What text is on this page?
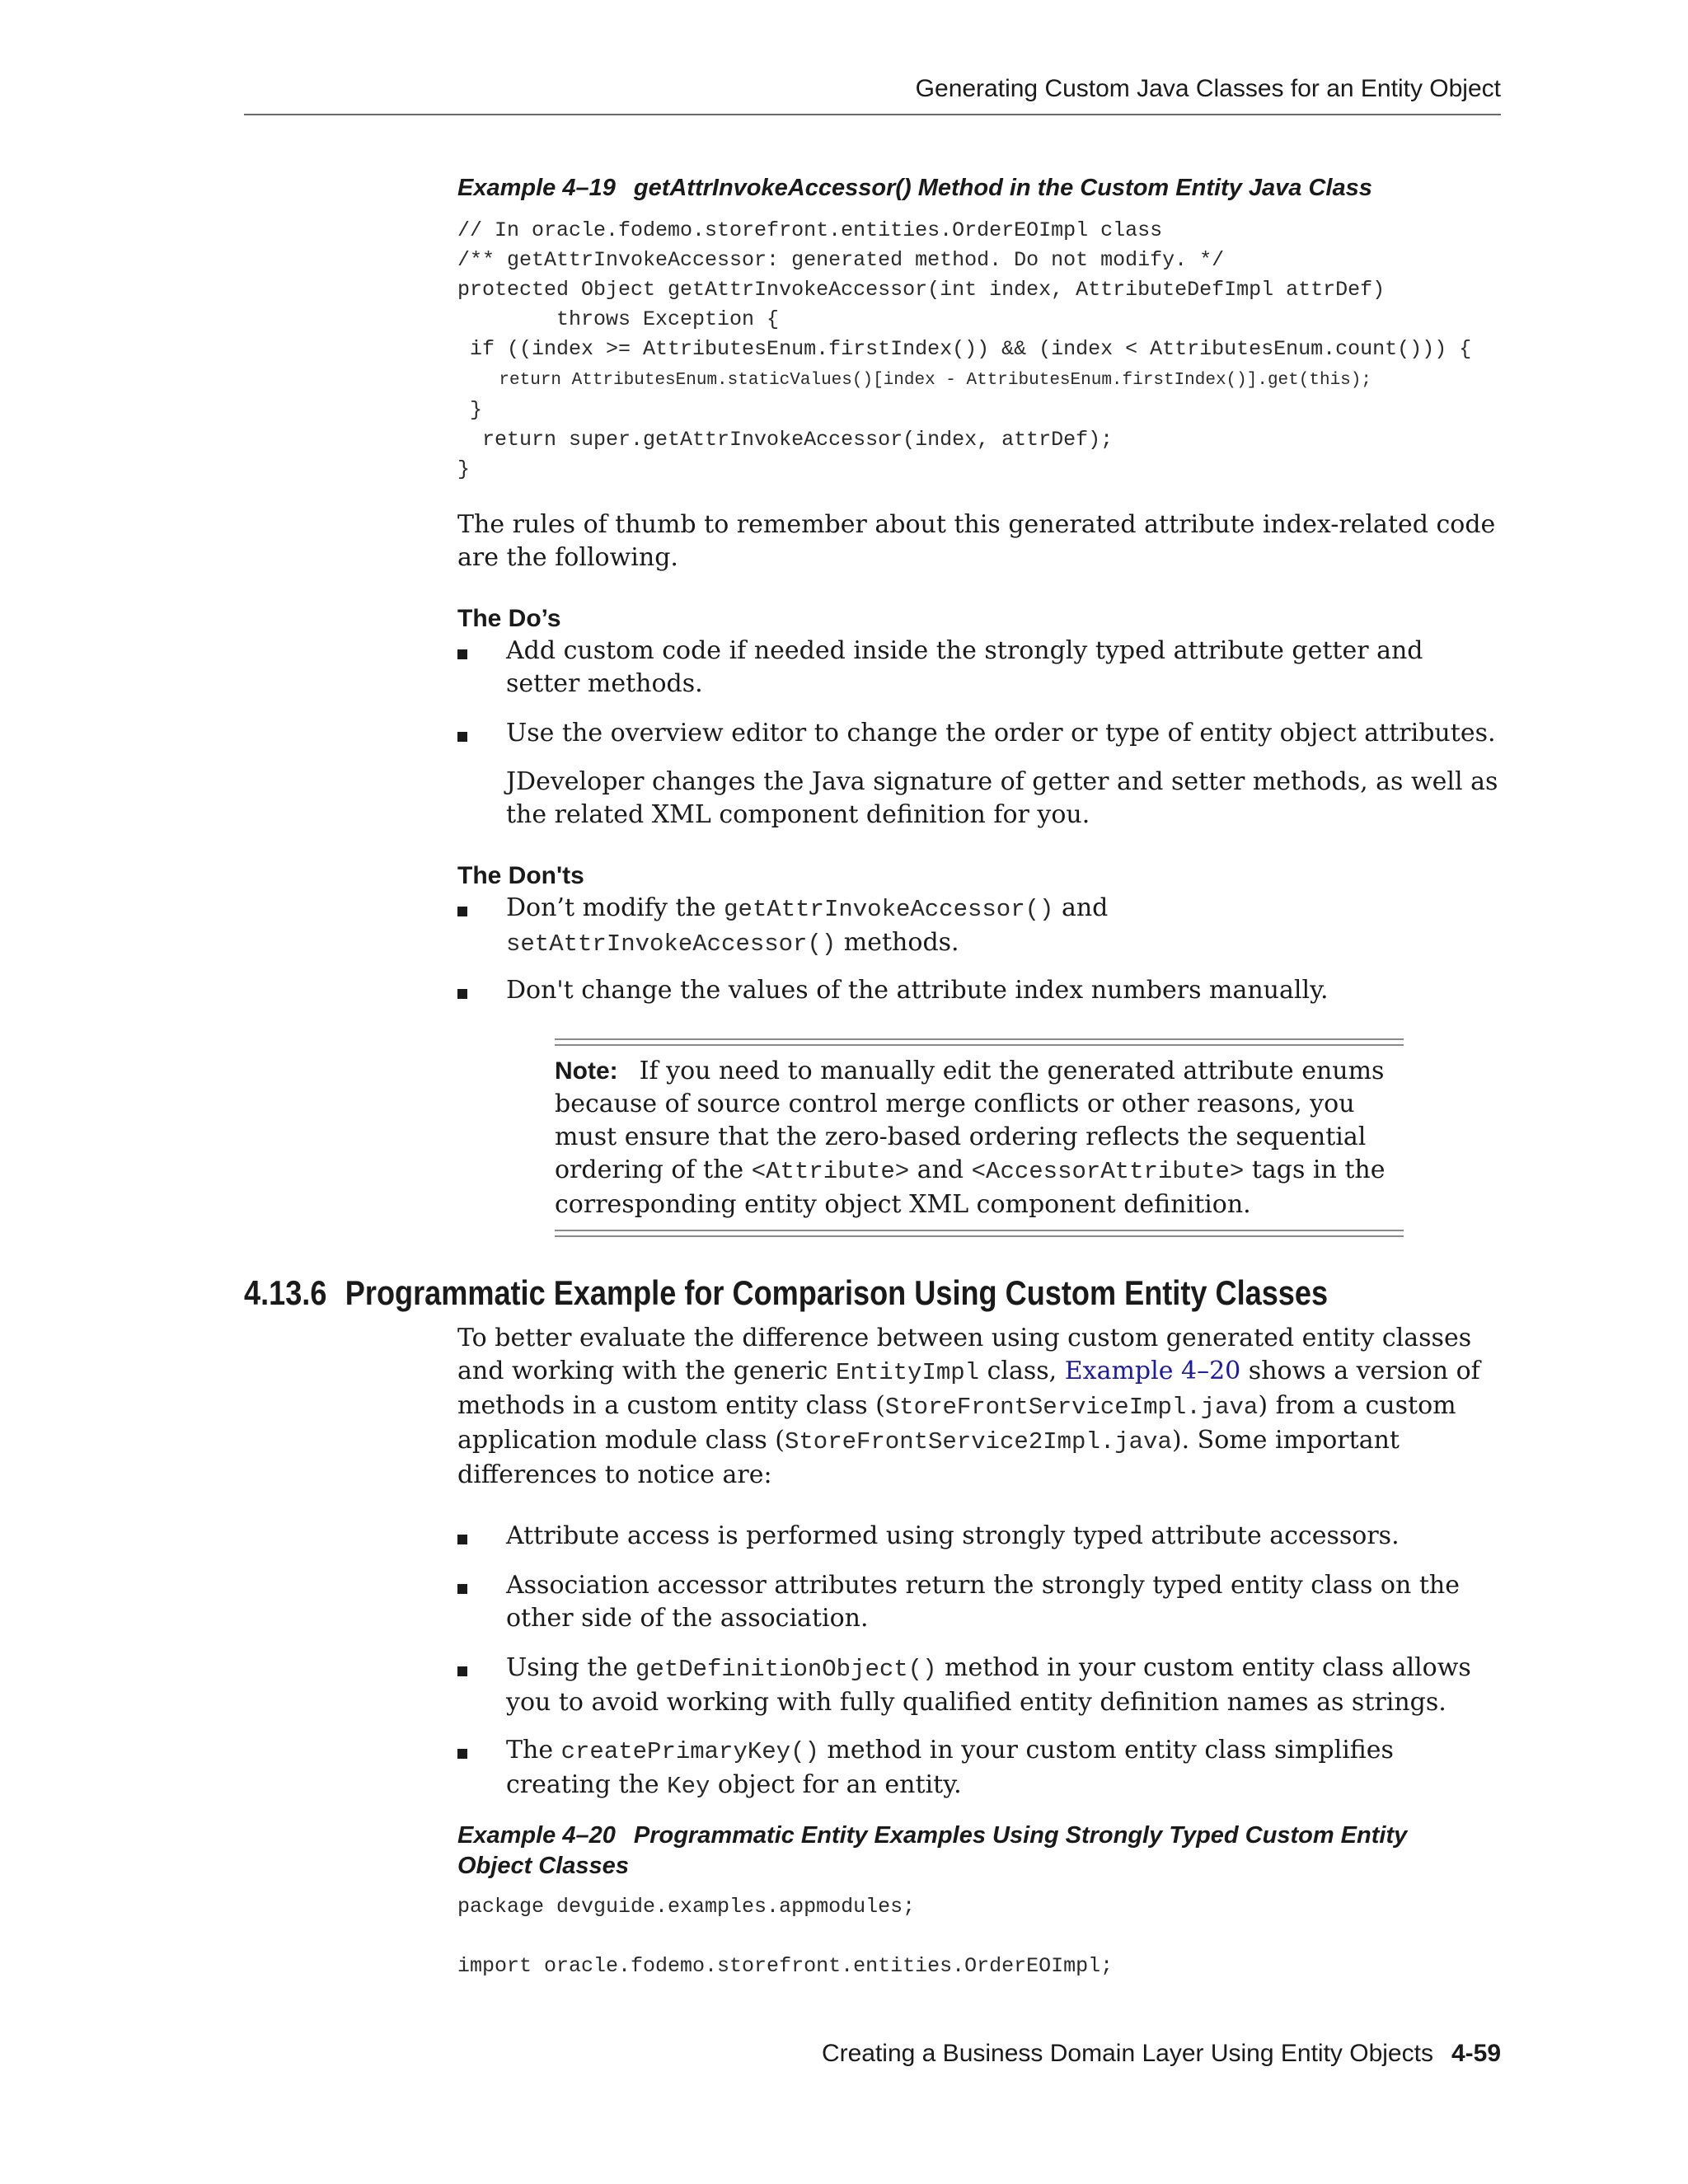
Generating Custom Java Classes for an Entity Object
Example 4–19 getAttrInvokeAccessor() Method in the Custom Entity Java Class
// In oracle.fodemo.storefront.entities.OrderEOImpl class
/** getAttrInvokeAccessor: generated method. Do not modify. */
protected Object getAttrInvokeAccessor(int index, AttributeDefImpl attrDef)
throws Exception {
if ((index >= AttributesEnum.firstIndex()) && (index < AttributesEnum.count())) {
return AttributesEnum.staticValues()[index - AttributesEnum.firstIndex()].get(this);
}
return super.getAttrInvokeAccessor(index, attrDef);
}

The rules of thumb to remember about this generated attribute index-related code are the following.

The Do’s
Add custom code if needed inside the strongly typed attribute getter and setter methods.
Use the overview editor to change the order or type of entity object attributes.
JDeveloper changes the Java signature of getter and setter methods, as well as the related XML component definition for you.
The Don'ts
Don’t modify the getAttrInvokeAccessor() and
setAttrInvokeAccessor() methods.
Don't change the values of the attribute index numbers manually.
Note: If you need to manually edit the generated attribute enums because of source control merge conflicts or other reasons, you must ensure that the zero-based ordering reflects the sequential ordering of the <Attribute> and <AccessorAttribute> tags in the corresponding entity object XML component definition.
4.13.6 Programmatic Example for Comparison Using Custom Entity Classes

To better evaluate the difference between using custom generated entity classes and working with the generic EntityImpl class, Example 4–20 shows a version of methods in a custom entity class (StoreFrontServiceImpl.java) from a custom application module class (StoreFrontService2Impl.java). Some important differences to notice are:

Attribute access is performed using strongly typed attribute accessors.
Association accessor attributes return the strongly typed entity class on the other side of the association.
Using the getDefinitionObject() method in your custom entity class allows you to avoid working with fully qualified entity definition names as strings.
The createPrimaryKey() method in your custom entity class simplifies creating the Key object for an entity.
Example 4–20 Programmatic Entity Examples Using Strongly Typed Custom Entity Object Classes
package devguide.examples.appmodules;

import oracle.fodemo.storefront.entities.OrderEOImpl;
Creating a Business Domain Layer Using Entity Objects 4-59
